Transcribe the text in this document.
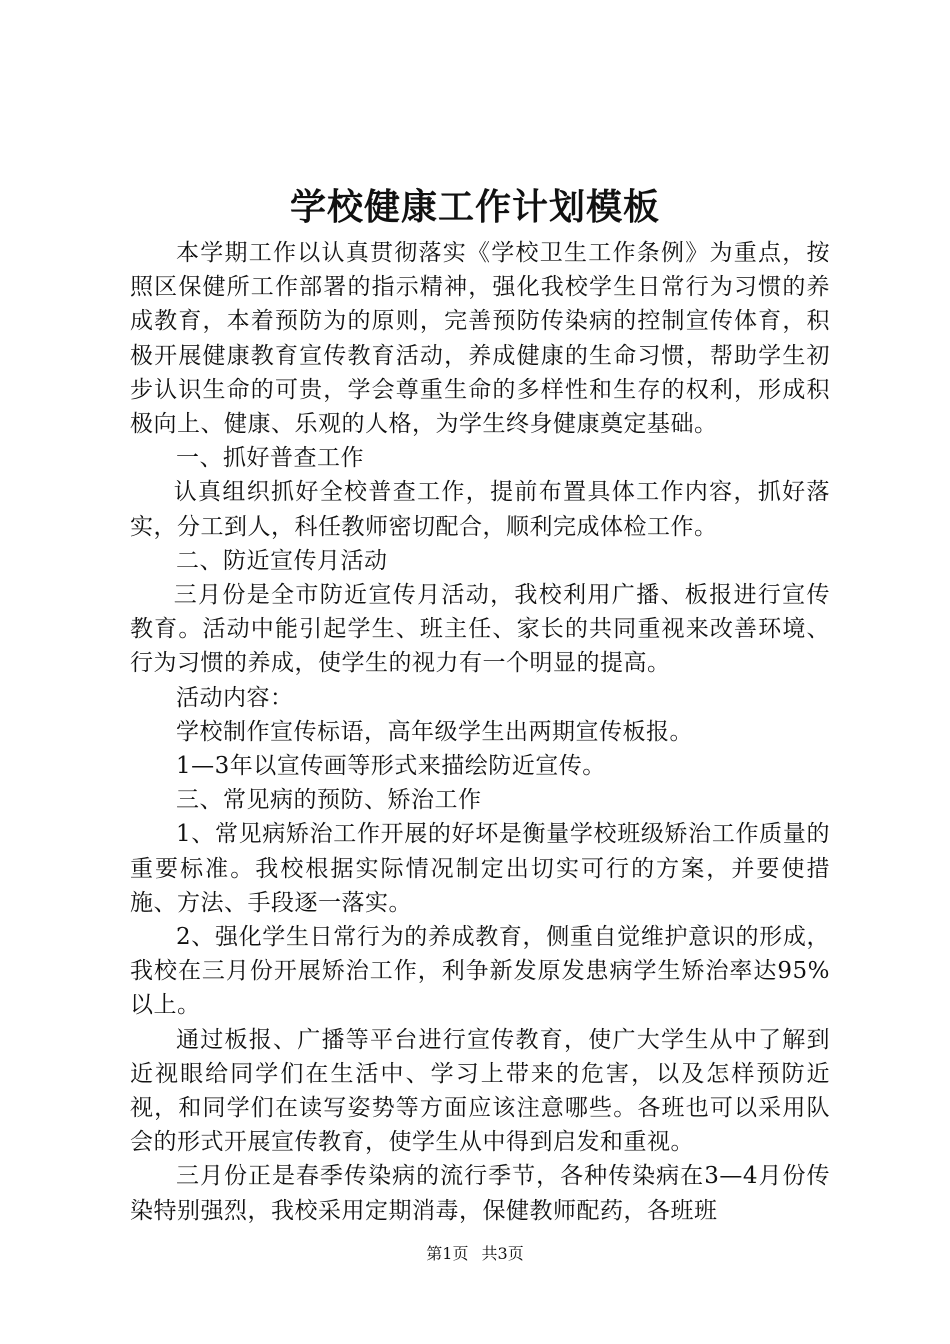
学校健康工作计划模板

本学期工作以认真贯彻落实《学校卫生工作条例》为重点，按照区保健所工作部署的指示精神，强化我校学生日常行为习惯的养成教育，本着预防为的原则，完善预防传染病的控制宣传体育，积极开展健康教育宣传教育活动，养成健康的生命习惯，帮助学生初步认识生命的可贵，学会尊重生命的多样性和生存的权利，形成积极向上、健康、乐观的人格，为学生终身健康奠定基础。

一、抓好普查工作

认真组织抓好全校普查工作，提前布置具体工作内容，抓好落实，分工到人，科任教师密切配合，顺利完成体检工作。

二、防近宣传月活动

三月份是全市防近宣传月活动，我校利用广播、板报进行宣传教育。活动中能引起学生、班主任、家长的共同重视来改善环境、行为习惯的养成，使学生的视力有一个明显的提高。

活动内容：

学校制作宣传标语，高年级学生出两期宣传板报。

1—3年以宣传画等形式来描绘防近宣传。

三、常见病的预防、矫治工作

1、常见病矫治工作开展的好坏是衡量学校班级矫治工作质量的重要标准。我校根据实际情况制定出切实可行的方案，并要使措施、方法、手段逐一落实。

2、强化学生日常行为的养成教育，侧重自觉维护意识的形成，我校在三月份开展矫治工作，利争新发原发患病学生矫治率达95%以上。

通过板报、广播等平台进行宣传教育，使广大学生从中了解到近视眼给同学们在生活中、学习上带来的危害，以及怎样预防近视，和同学们在读写姿势等方面应该注意哪些。各班也可以采用队会的形式开展宣传教育，使学生从中得到启发和重视。

三月份正是春季传染病的流行季节，各种传染病在3—4月份传染特别强烈，我校采用定期消毒，保健教师配药，各班班

第1页 共3页
